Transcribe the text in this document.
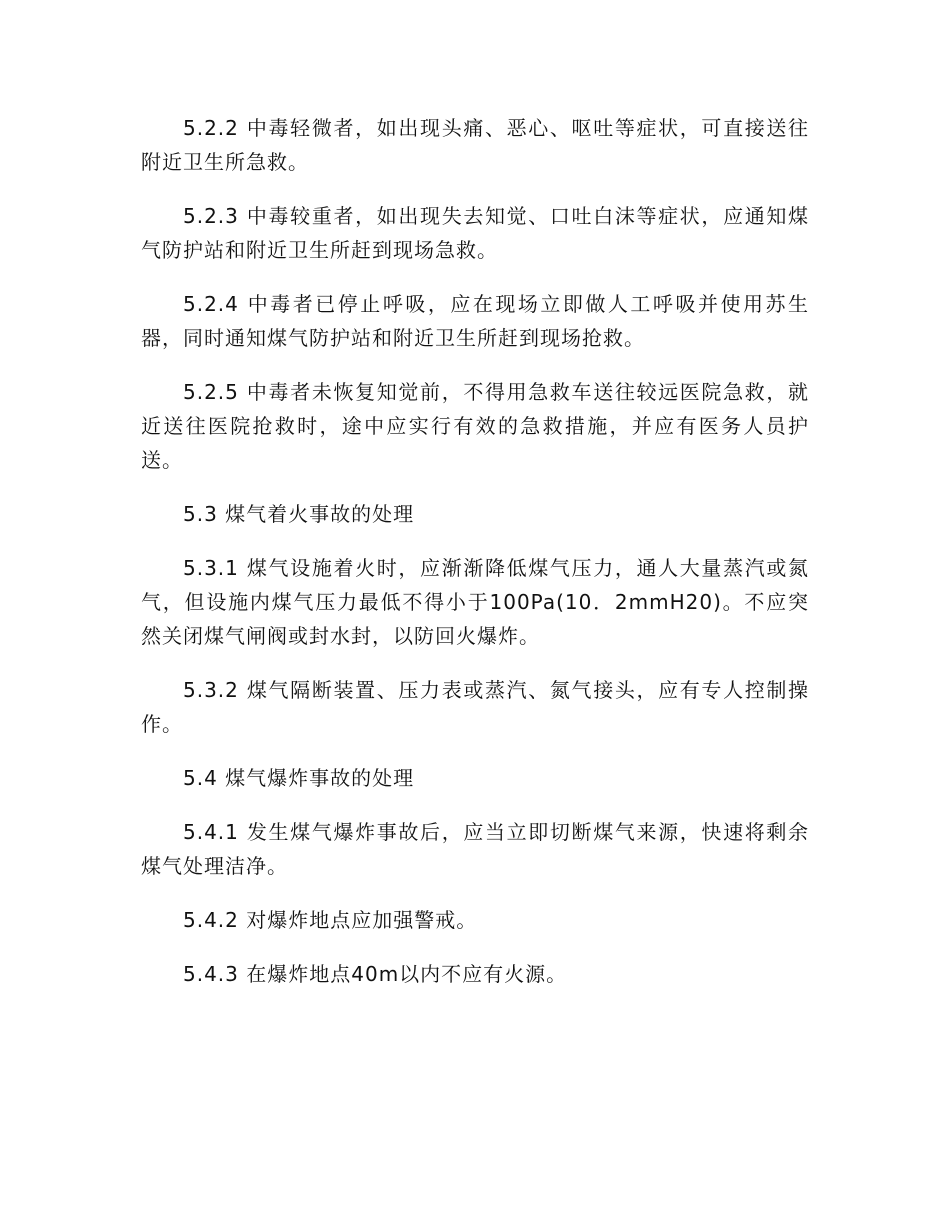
5.2.2 中毒轻微者，如出现头痛、恶心、呕吐等症状，可直接送往附近卫生所急救。

5.2.3 中毒较重者，如出现失去知觉、口吐白沫等症状，应通知煤气防护站和附近卫生所赶到现场急救。

5.2.4 中毒者已停止呼吸，应在现场立即做人工呼吸并使用苏生器，同时通知煤气防护站和附近卫生所赶到现场抢救。

5.2.5 中毒者未恢复知觉前，不得用急救车送往较远医院急救，就近送往医院抢救时，途中应实行有效的急救措施，并应有医务人员护送。

5.3 煤气着火事故的处理

5.3.1 煤气设施着火时，应渐渐降低煤气压力，通人大量蒸汽或氮气，但设施内煤气压力最低不得小于100Pa(10．2mmH20)。不应突然关闭煤气闸阀或封水封，以防回火爆炸。

5.3.2 煤气隔断装置、压力表或蒸汽、氮气接头，应有专人控制操作。

5.4 煤气爆炸事故的处理

5.4.1 发生煤气爆炸事故后，应当立即切断煤气来源，快速将剩余煤气处理洁净。

5.4.2 对爆炸地点应加强警戒。

5.4.3 在爆炸地点40m以内不应有火源。
